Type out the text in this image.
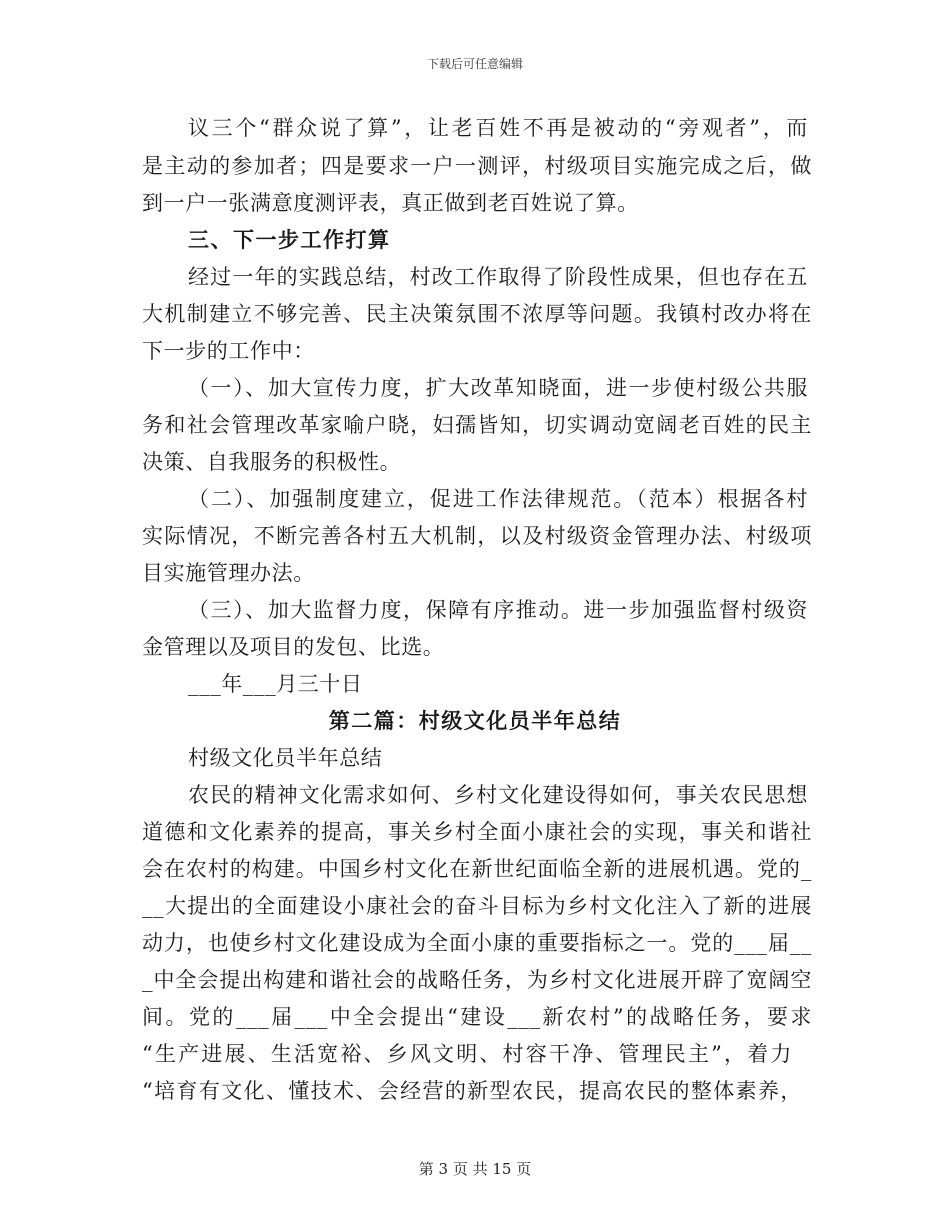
下载后可任意编辑
议三个“群众说了算”，让老百姓不再是被动的“旁观者”，而
是主动的参加者；四是要求一户一测评，村级项目实施完成之后，做
到一户一张满意度测评表，真正做到老百姓说了算。
三、下一步工作打算
经过一年的实践总结，村改工作取得了阶段性成果，但也存在五
大机制建立不够完善、民主决策氛围不浓厚等问题。我镇村改办将在
下一步的工作中：
（一）、加大宣传力度，扩大改革知晓面，进一步使村级公共服
务和社会管理改革家喻户晓，妇孺皆知，切实调动宽阔老百姓的民主
决策、自我服务的积极性。
（二）、加强制度建立，促进工作法律规范。（范本）根据各村
实际情况，不断完善各村五大机制，以及村级资金管理办法、村级项
目实施管理办法。
（三）、加大监督力度，保障有序推动。进一步加强监督村级资
金管理以及项目的发包、比选。
___年___月三十日
第二篇：村级文化员半年总结
村级文化员半年总结
农民的精神文化需求如何、乡村文化建设得如何，事关农民思想
道德和文化素养的提高，事关乡村全面小康社会的实现，事关和谐社
会在农村的构建。中国乡村文化在新世纪面临全新的进展机遇。党的_
__大提出的全面建设小康社会的奋斗目标为乡村文化注入了新的进展
动力，也使乡村文化建设成为全面小康的重要指标之一。党的___届__
_中全会提出构建和谐社会的战略任务，为乡村文化进展开辟了宽阔空
间。党的___届___中全会提出“建设___新农村”的战略任务，要求
“生产进展、生活宽裕、乡风文明、村容干净、管理民主”，着力
“培育有文化、懂技术、会经营的新型农民，提高农民的整体素养，
第 3 页 共 15 页
